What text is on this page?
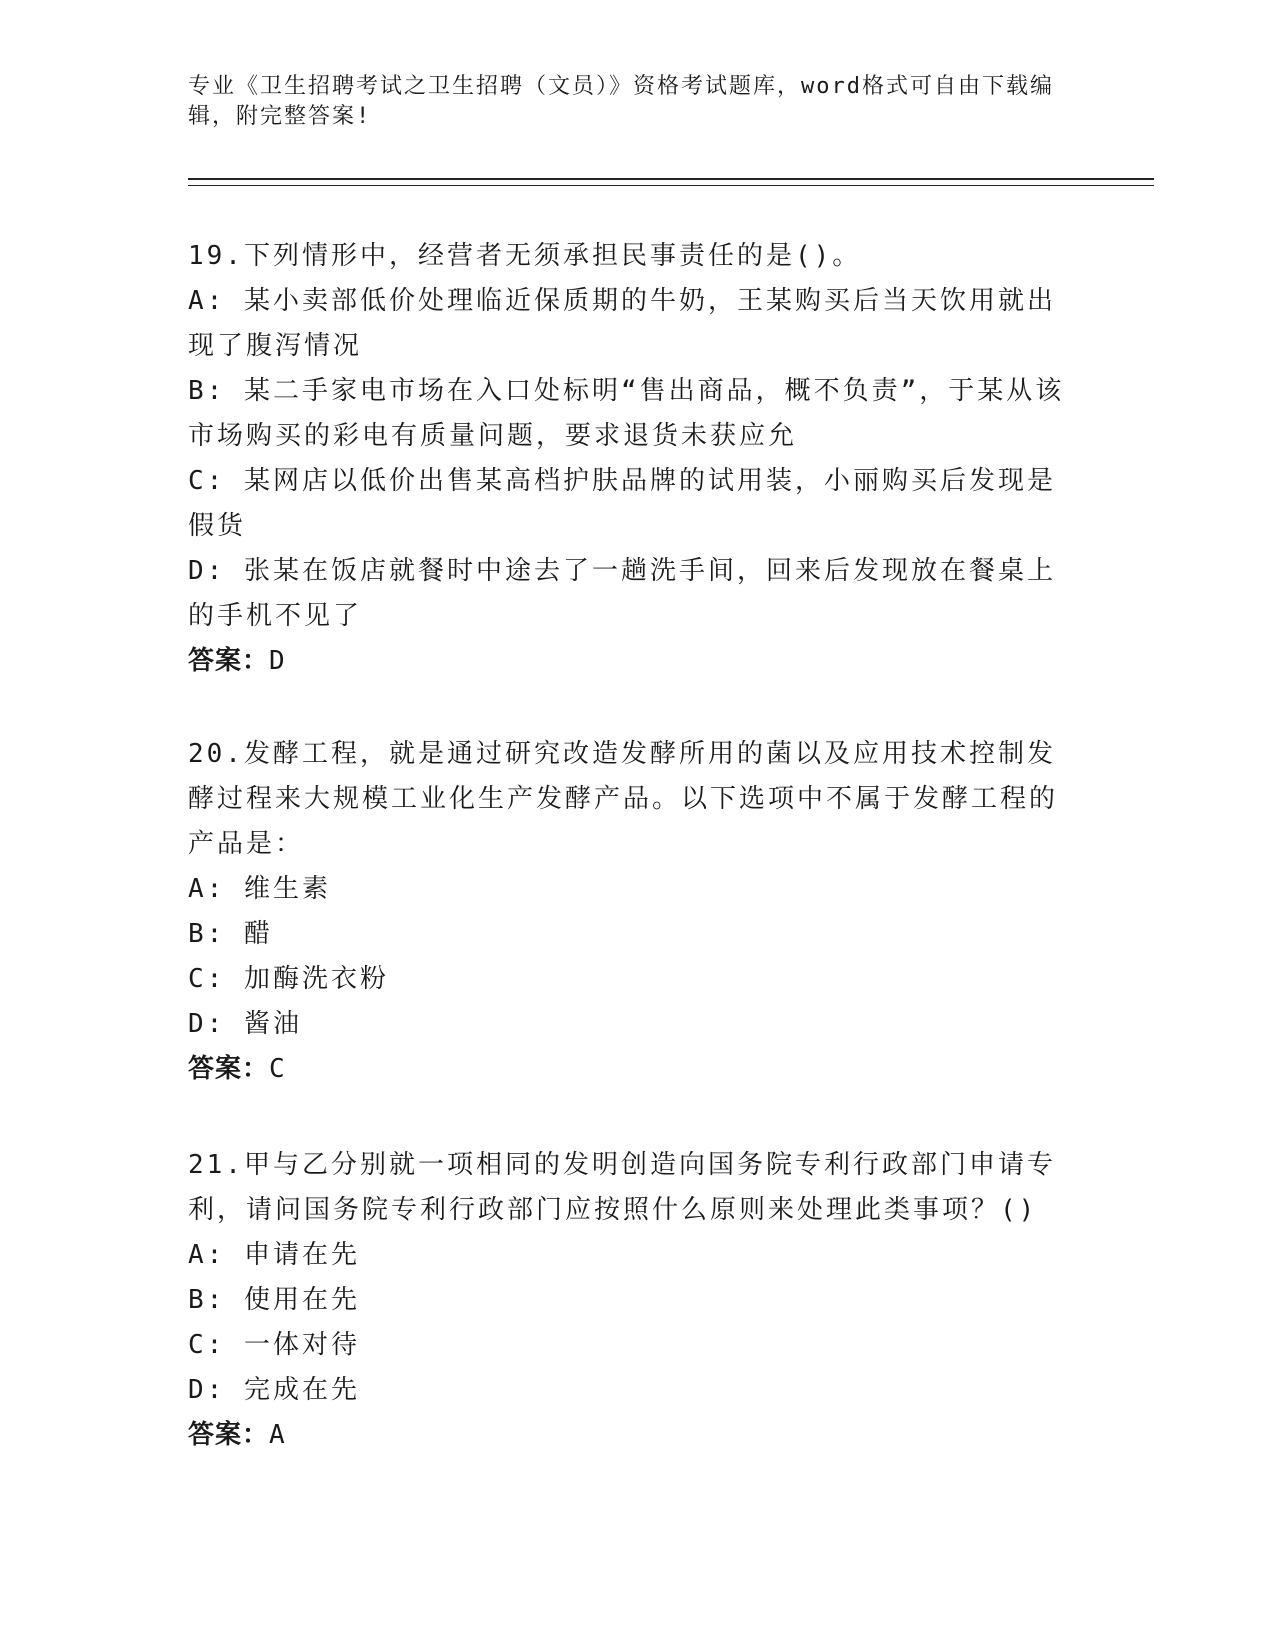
专业《卫生招聘考试之卫生招聘（文员）》资格考试题库，word格式可自由下载编辑，附完整答案!

19.下列情形中，经营者无须承担民事责任的是()。

A: 某小卖部低价处理临近保质期的牛奶，王某购买后当天饮用就出现了腹泻情况

B: 某二手家电市场在入口处标明“售出商品，概不负责”，于某从该市场购买的彩电有质量问题，要求退货未获应允

C: 某网店以低价出售某高档护肤品牌的试用装，小丽购买后发现是假货

D: 张某在饭店就餐时中途去了一趟洗手间，回来后发现放在餐桌上的手机不见了

答案：D

20.发酵工程，就是通过研究改造发酵所用的菌以及应用技术控制发酵过程来大规模工业化生产发酵产品。以下选项中不属于发酵工程的产品是：

A: 维生素

B: 醋

C: 加酶洗衣粉

D: 酱油

答案：C

21.甲与乙分别就一项相同的发明创造向国务院专利行政部门申请专利，请问国务院专利行政部门应按照什么原则来处理此类事项？()

A: 申请在先

B: 使用在先

C: 一体对待

D: 完成在先

答案：A
